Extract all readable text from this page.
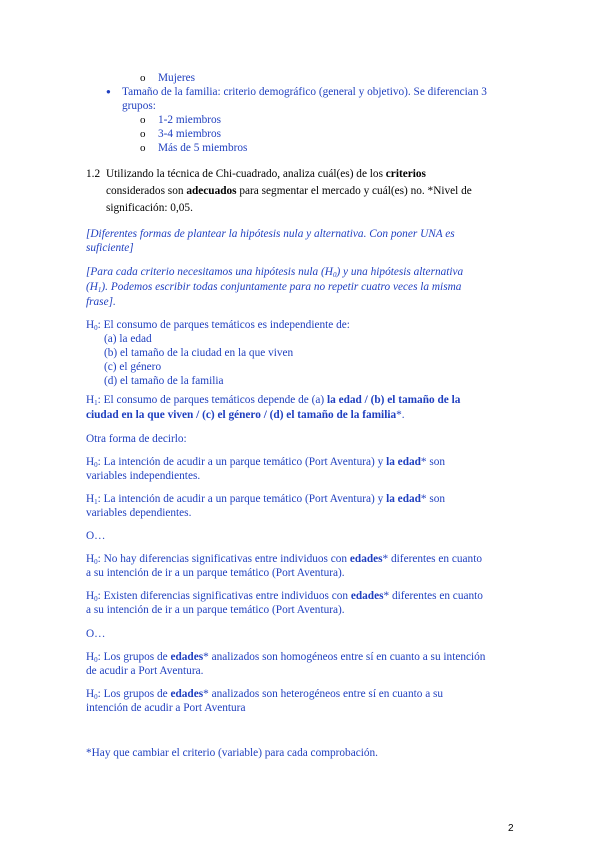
o Mujeres
● Tamaño de la familia: criterio demográfico (general y objetivo). Se diferencian 3
grupos:
o 1-2 miembros
o 3-4 miembros
o Más de 5 miembros
1.2 Utilizando la técnica de Chi-cuadrado, analiza cuál(es) de los criterios
considerados son adecuados para segmentar el mercado y cuál(es) no. *Nivel de
significación: 0,05.
[Diferentes formas de plantear la hipótesis nula y alternativa. Con poner UNA es
suficiente]
[Para cada criterio necesitamos una hipótesis nula $(H_0)$ y una hipótesis alternativa
$(H_1)$. Podemos escribir todas conjuntamente para no repetir cuatro veces la misma
frase].
$H_0$: El consumo de parques temáticos es independiente de:
(a) la edad
(b) el tamaño de la ciudad en la que viven
(c) el género
(d) el tamaño de la familia
$H_1$: El consumo de parques temáticos depende de (a) la edad / (b) el tamaño de la
ciudad en la que viven / (c) el género / (d) el tamaño de la familia*.
Otra forma de decirlo:
$H_0$: La intención de acudir a un parque temático (Port Aventura) y la edad* son
variables independientes.
$H_1$: La intención de acudir a un parque temático (Port Aventura) y la edad* son
variables dependientes.
O…
$H_0$: No hay diferencias significativas entre individuos con edades* diferentes en cuanto
a su intención de ir a un parque temático (Port Aventura).
$H_0$: Existen diferencias significativas entre individuos con edades* diferentes en cuanto
a su intención de ir a un parque temático (Port Aventura).
O…
$H_0$: Los grupos de edades* analizados son homogéneos entre sí en cuanto a su intención
de acudir a Port Aventura.
$H_0$: Los grupos de edades* analizados son heterogéneos entre sí en cuanto a su
intención de acudir a Port Aventura
*Hay que cambiar el criterio (variable) para cada comprobación.
2
